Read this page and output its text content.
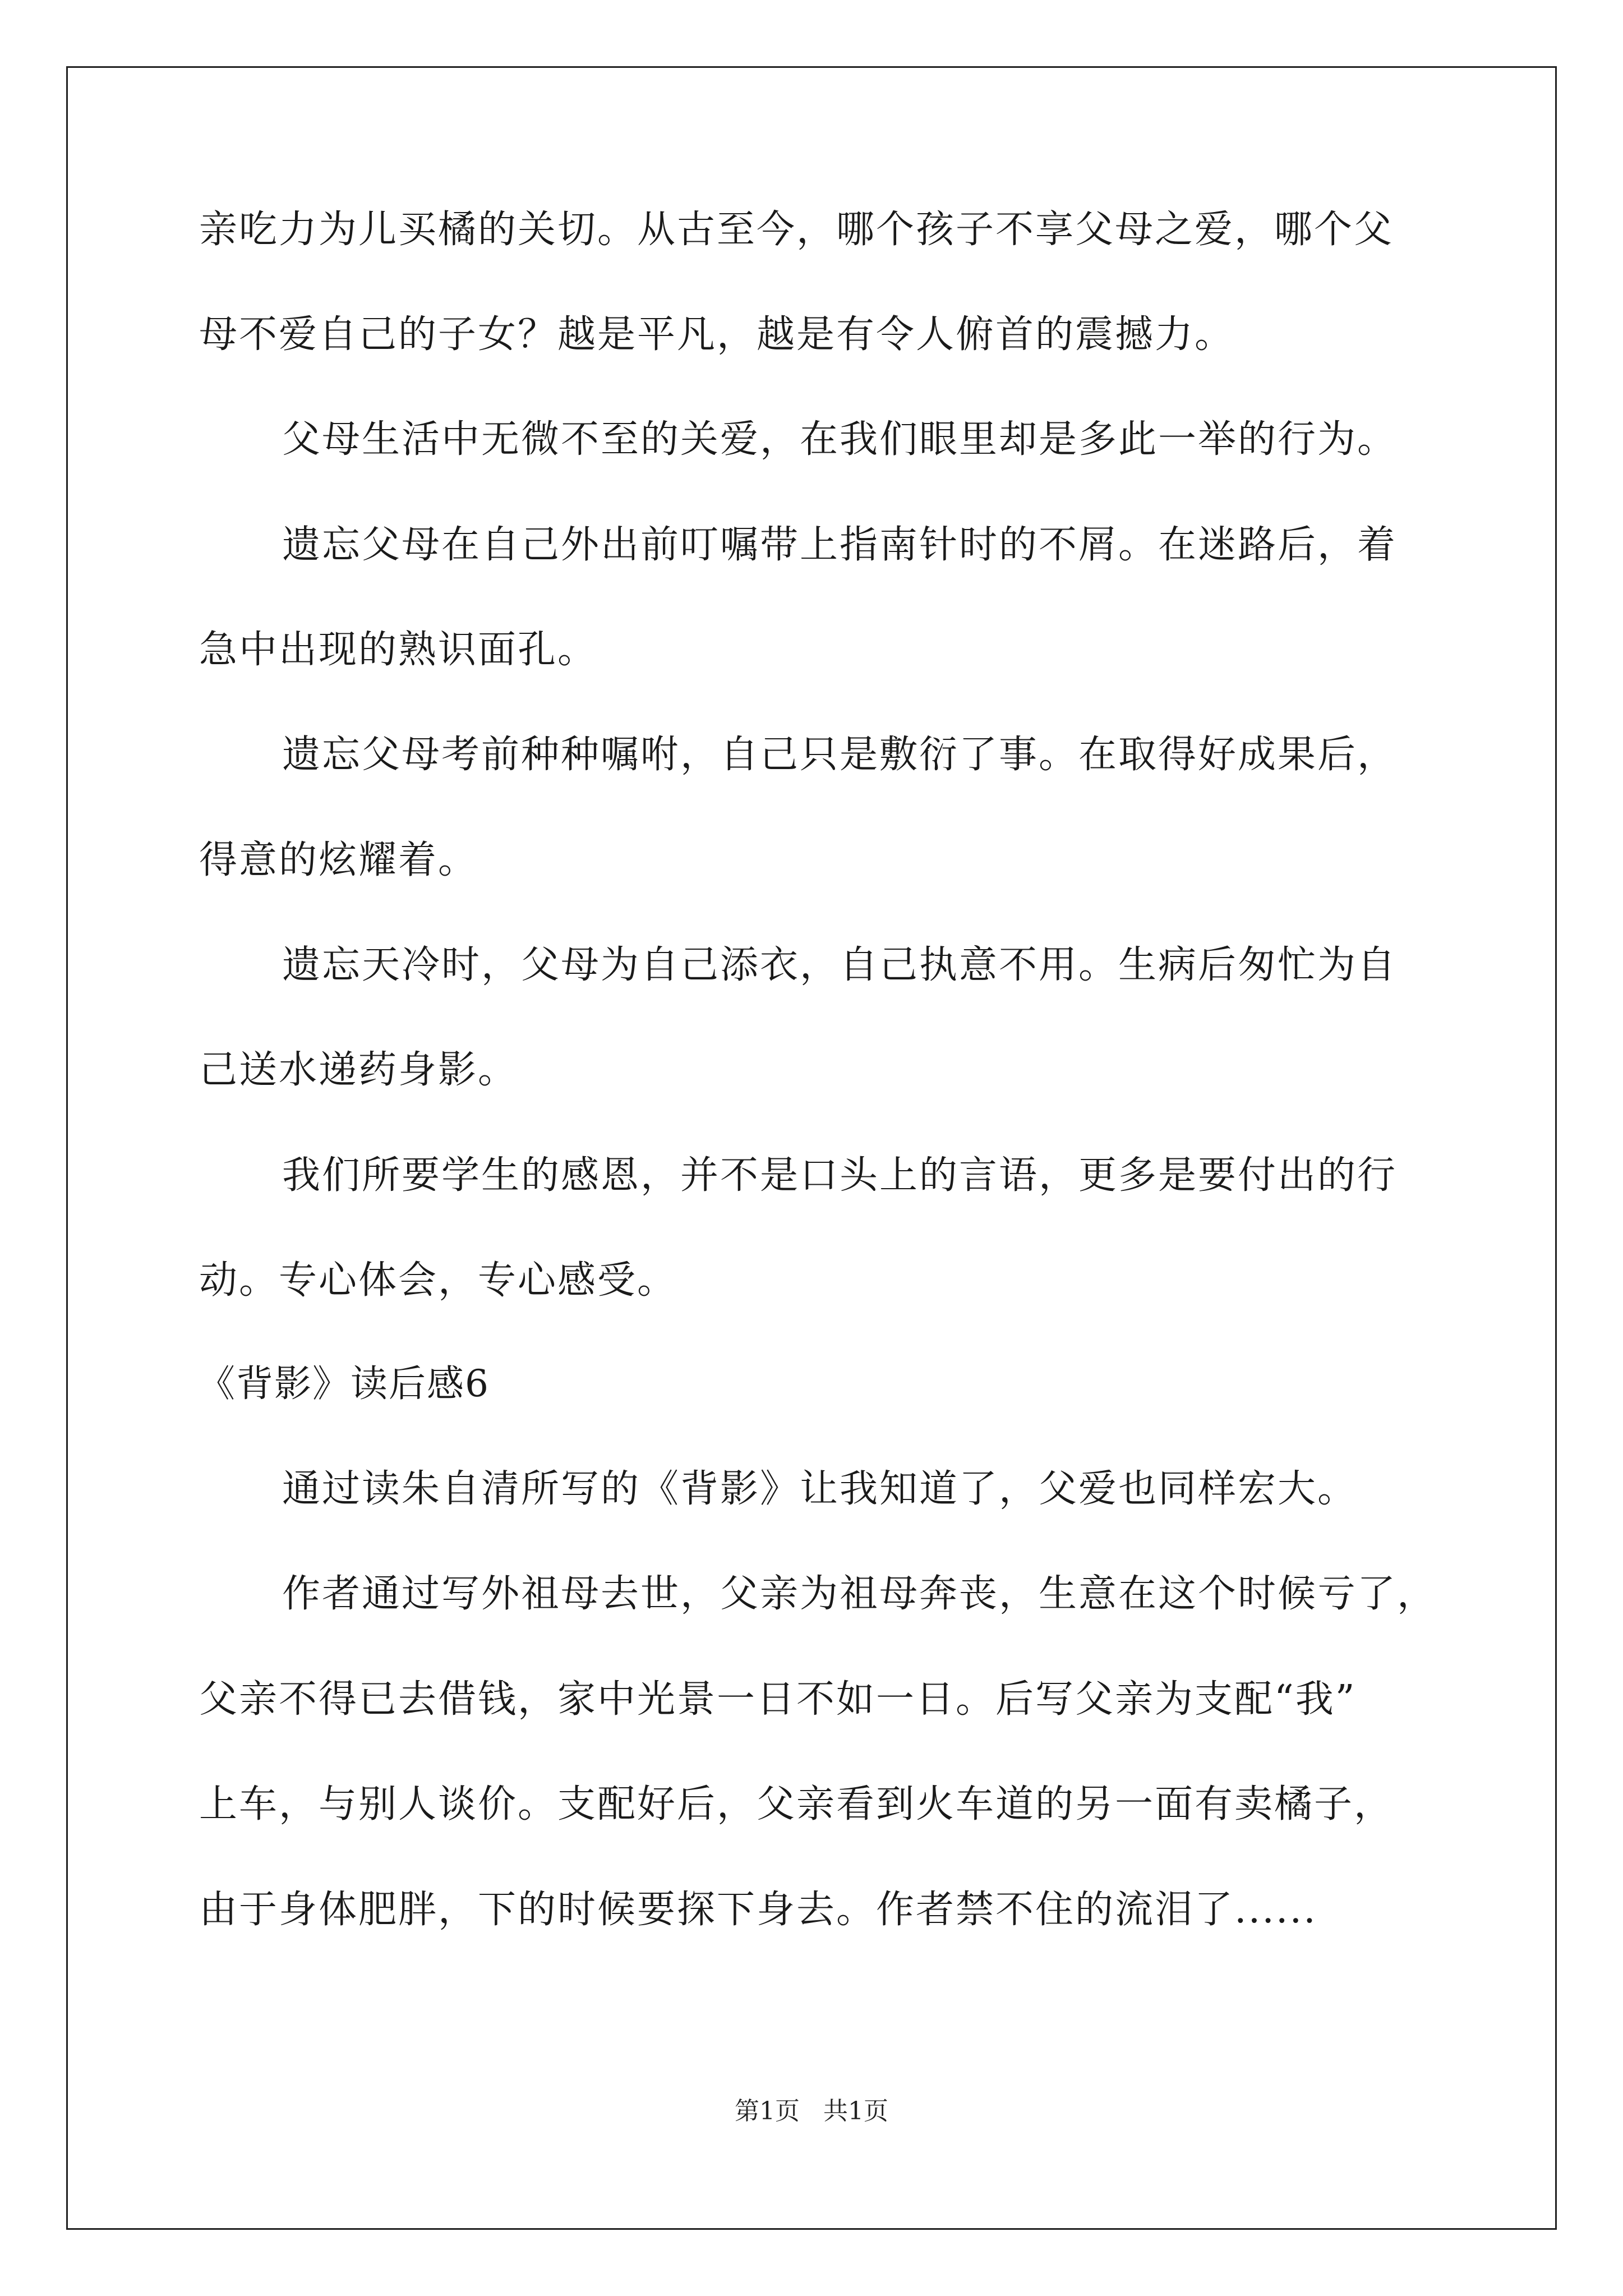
亲吃力为儿买橘的关切。从古至今，哪个孩子不享父母之爱，哪个父
母不爱自己的子女？越是平凡，越是有令人俯首的震撼力。
父母生活中无微不至的关爱，在我们眼里却是多此一举的行为。
遗忘父母在自己外出前叮嘱带上指南针时的不屑。在迷路后，着
急中出现的熟识面孔。
遗忘父母考前种种嘱咐，自己只是敷衍了事。在取得好成果后，
得意的炫耀着。
遗忘天冷时，父母为自己添衣，自己执意不用。生病后匆忙为自
己送水递药身影。
我们所要学生的感恩，并不是口头上的言语，更多是要付出的行
动。专心体会，专心感受。
《背影》读后感6
通过读朱自清所写的《背影》让我知道了，父爱也同样宏大。
作者通过写外祖母去世，父亲为祖母奔丧，生意在这个时候亏了，
父亲不得已去借钱，家中光景一日不如一日。后写父亲为支配“我”
上车，与别人谈价。支配好后，父亲看到火车道的另一面有卖橘子，
由于身体肥胖，下的时候要探下身去。作者禁不住的流泪了......
第1页 共1页
